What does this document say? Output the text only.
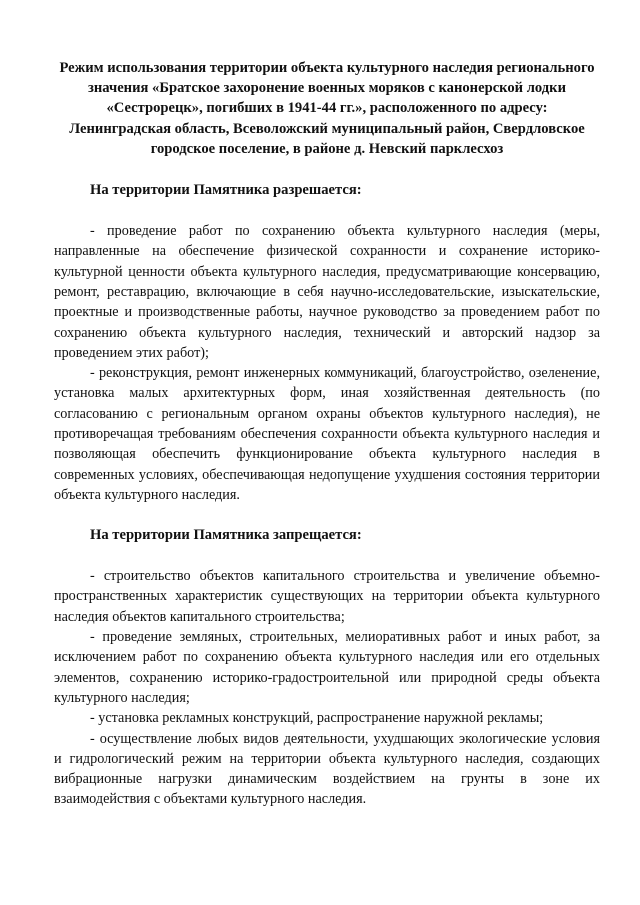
Режим использования территории объекта культурного наследия регионального значения «Братское захоронение военных моряков с канонерской лодки «Сестрорецк», погибших в 1941-44 гг.», расположенного по адресу: Ленинградская область, Всеволожский муниципальный район, Свердловское городское поселение, в районе д. Невский парклесхоз
На территории Памятника разрешается:

- проведение работ по сохранению объекта культурного наследия (меры, направленные на обеспечение физической сохранности и сохранение историко-культурной ценности объекта культурного наследия, предусматривающие консервацию, ремонт, реставрацию, включающие в себя научно-исследовательские, изыскательские, проектные и производственные работы, научное руководство за проведением работ по сохранению объекта культурного наследия, технический и авторский надзор за проведением этих работ);

- реконструкция, ремонт инженерных коммуникаций, благоустройство, озеленение, установка малых архитектурных форм, иная хозяйственная деятельность (по согласованию с региональным органом охраны объектов культурного наследия), не противоречащая требованиям обеспечения сохранности объекта культурного наследия и позволяющая обеспечить функционирование объекта культурного наследия в современных условиях, обеспечивающая недопущение ухудшения состояния территории объекта культурного наследия.

На территории Памятника запрещается:

- строительство объектов капитального строительства и увеличение объемно-пространственных характеристик существующих на территории объекта культурного наследия объектов капитального строительства;

- проведение земляных, строительных, мелиоративных работ и иных работ, за исключением работ по сохранению объекта культурного наследия или его отдельных элементов, сохранению историко-градостроительной или природной среды объекта культурного наследия;

- установка рекламных конструкций, распространение наружной рекламы;

- осуществление любых видов деятельности, ухудшающих экологические условия и гидрологический режим на территории объекта культурного наследия, создающих вибрационные нагрузки динамическим воздействием на грунты в зоне их взаимодействия с объектами культурного наследия.
